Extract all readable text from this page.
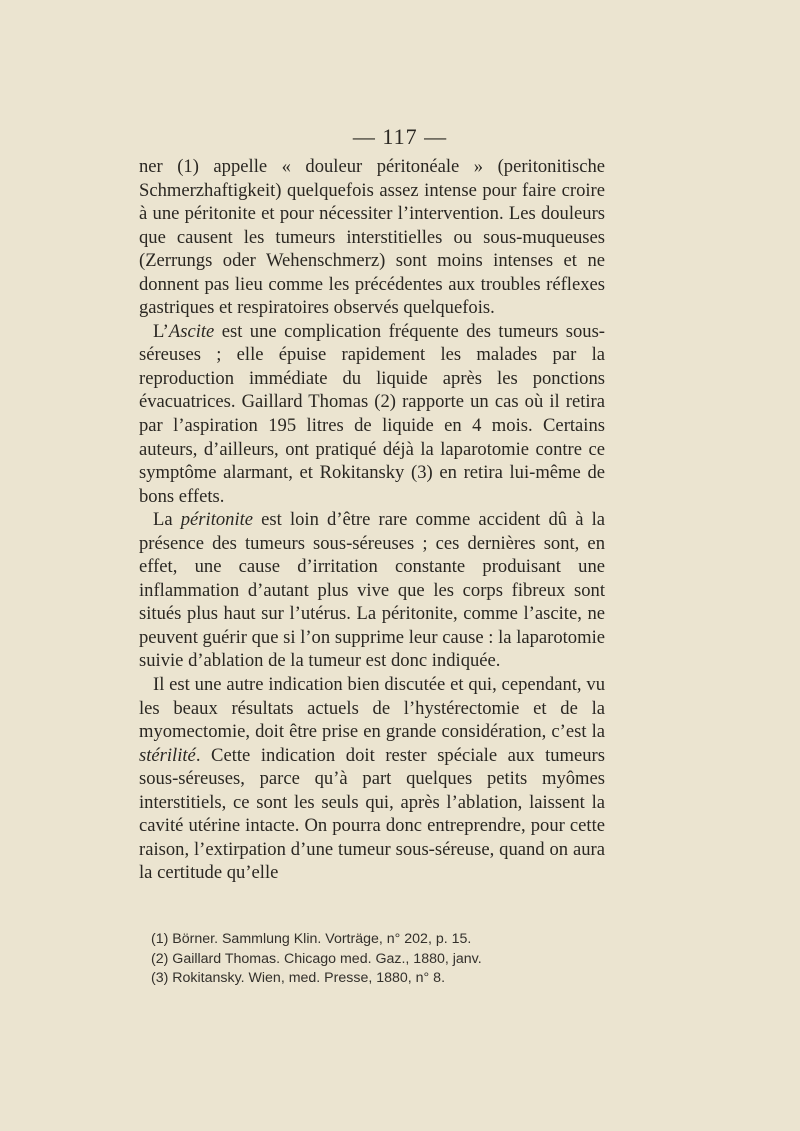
— 117 —

ner (1) appelle « douleur péritonéale » (peritonitische Schmerzhaftigkeit) quelquefois assez intense pour faire croire à une péritonite et pour nécessiter l’intervention. Les douleurs que causent les tumeurs interstitielles ou sous-muqueuses (Zerrungs oder Wehenschmerz) sont moins intenses et ne donnent pas lieu comme les précédentes aux troubles réflexes gastriques et respiratoires observés quelquefois.

L’Ascite est une complication fréquente des tumeurs sous-séreuses ; elle épuise rapidement les malades par la reproduction immédiate du liquide après les ponctions évacuatrices. Gaillard Thomas (2) rapporte un cas où il retira par l’aspiration 195 litres de liquide en 4 mois. Certains auteurs, d’ailleurs, ont pratiqué déjà la laparotomie contre ce symptôme alarmant, et Rokitansky (3) en retira lui-même de bons effets.

La péritonite est loin d’être rare comme accident dû à la présence des tumeurs sous-séreuses ; ces dernières sont, en effet, une cause d’irritation constante produisant une inflammation d’autant plus vive que les corps fibreux sont situés plus haut sur l’utérus. La péritonite, comme l’ascite, ne peuvent guérir que si l’on supprime leur cause : la laparotomie suivie d’ablation de la tumeur est donc indiquée.

Il est une autre indication bien discutée et qui, cependant, vu les beaux résultats actuels de l’hystérectomie et de la myomectomie, doit être prise en grande considération, c’est la stérilité. Cette indication doit rester spéciale aux tumeurs sous-séreuses, parce qu’à part quelques petits myômes interstitiels, ce sont les seuls qui, après l’ablation, laissent la cavité utérine intacte. On pourra donc entreprendre, pour cette raison, l’extirpation d’une tumeur sous-séreuse, quand on aura la certitude qu’elle

(1) Börner. Sammlung Klin. Vorträge, n° 202, p. 15.
(2) Gaillard Thomas. Chicago med. Gaz., 1880, janv.
(3) Rokitansky. Wien, med. Presse, 1880, n° 8.
